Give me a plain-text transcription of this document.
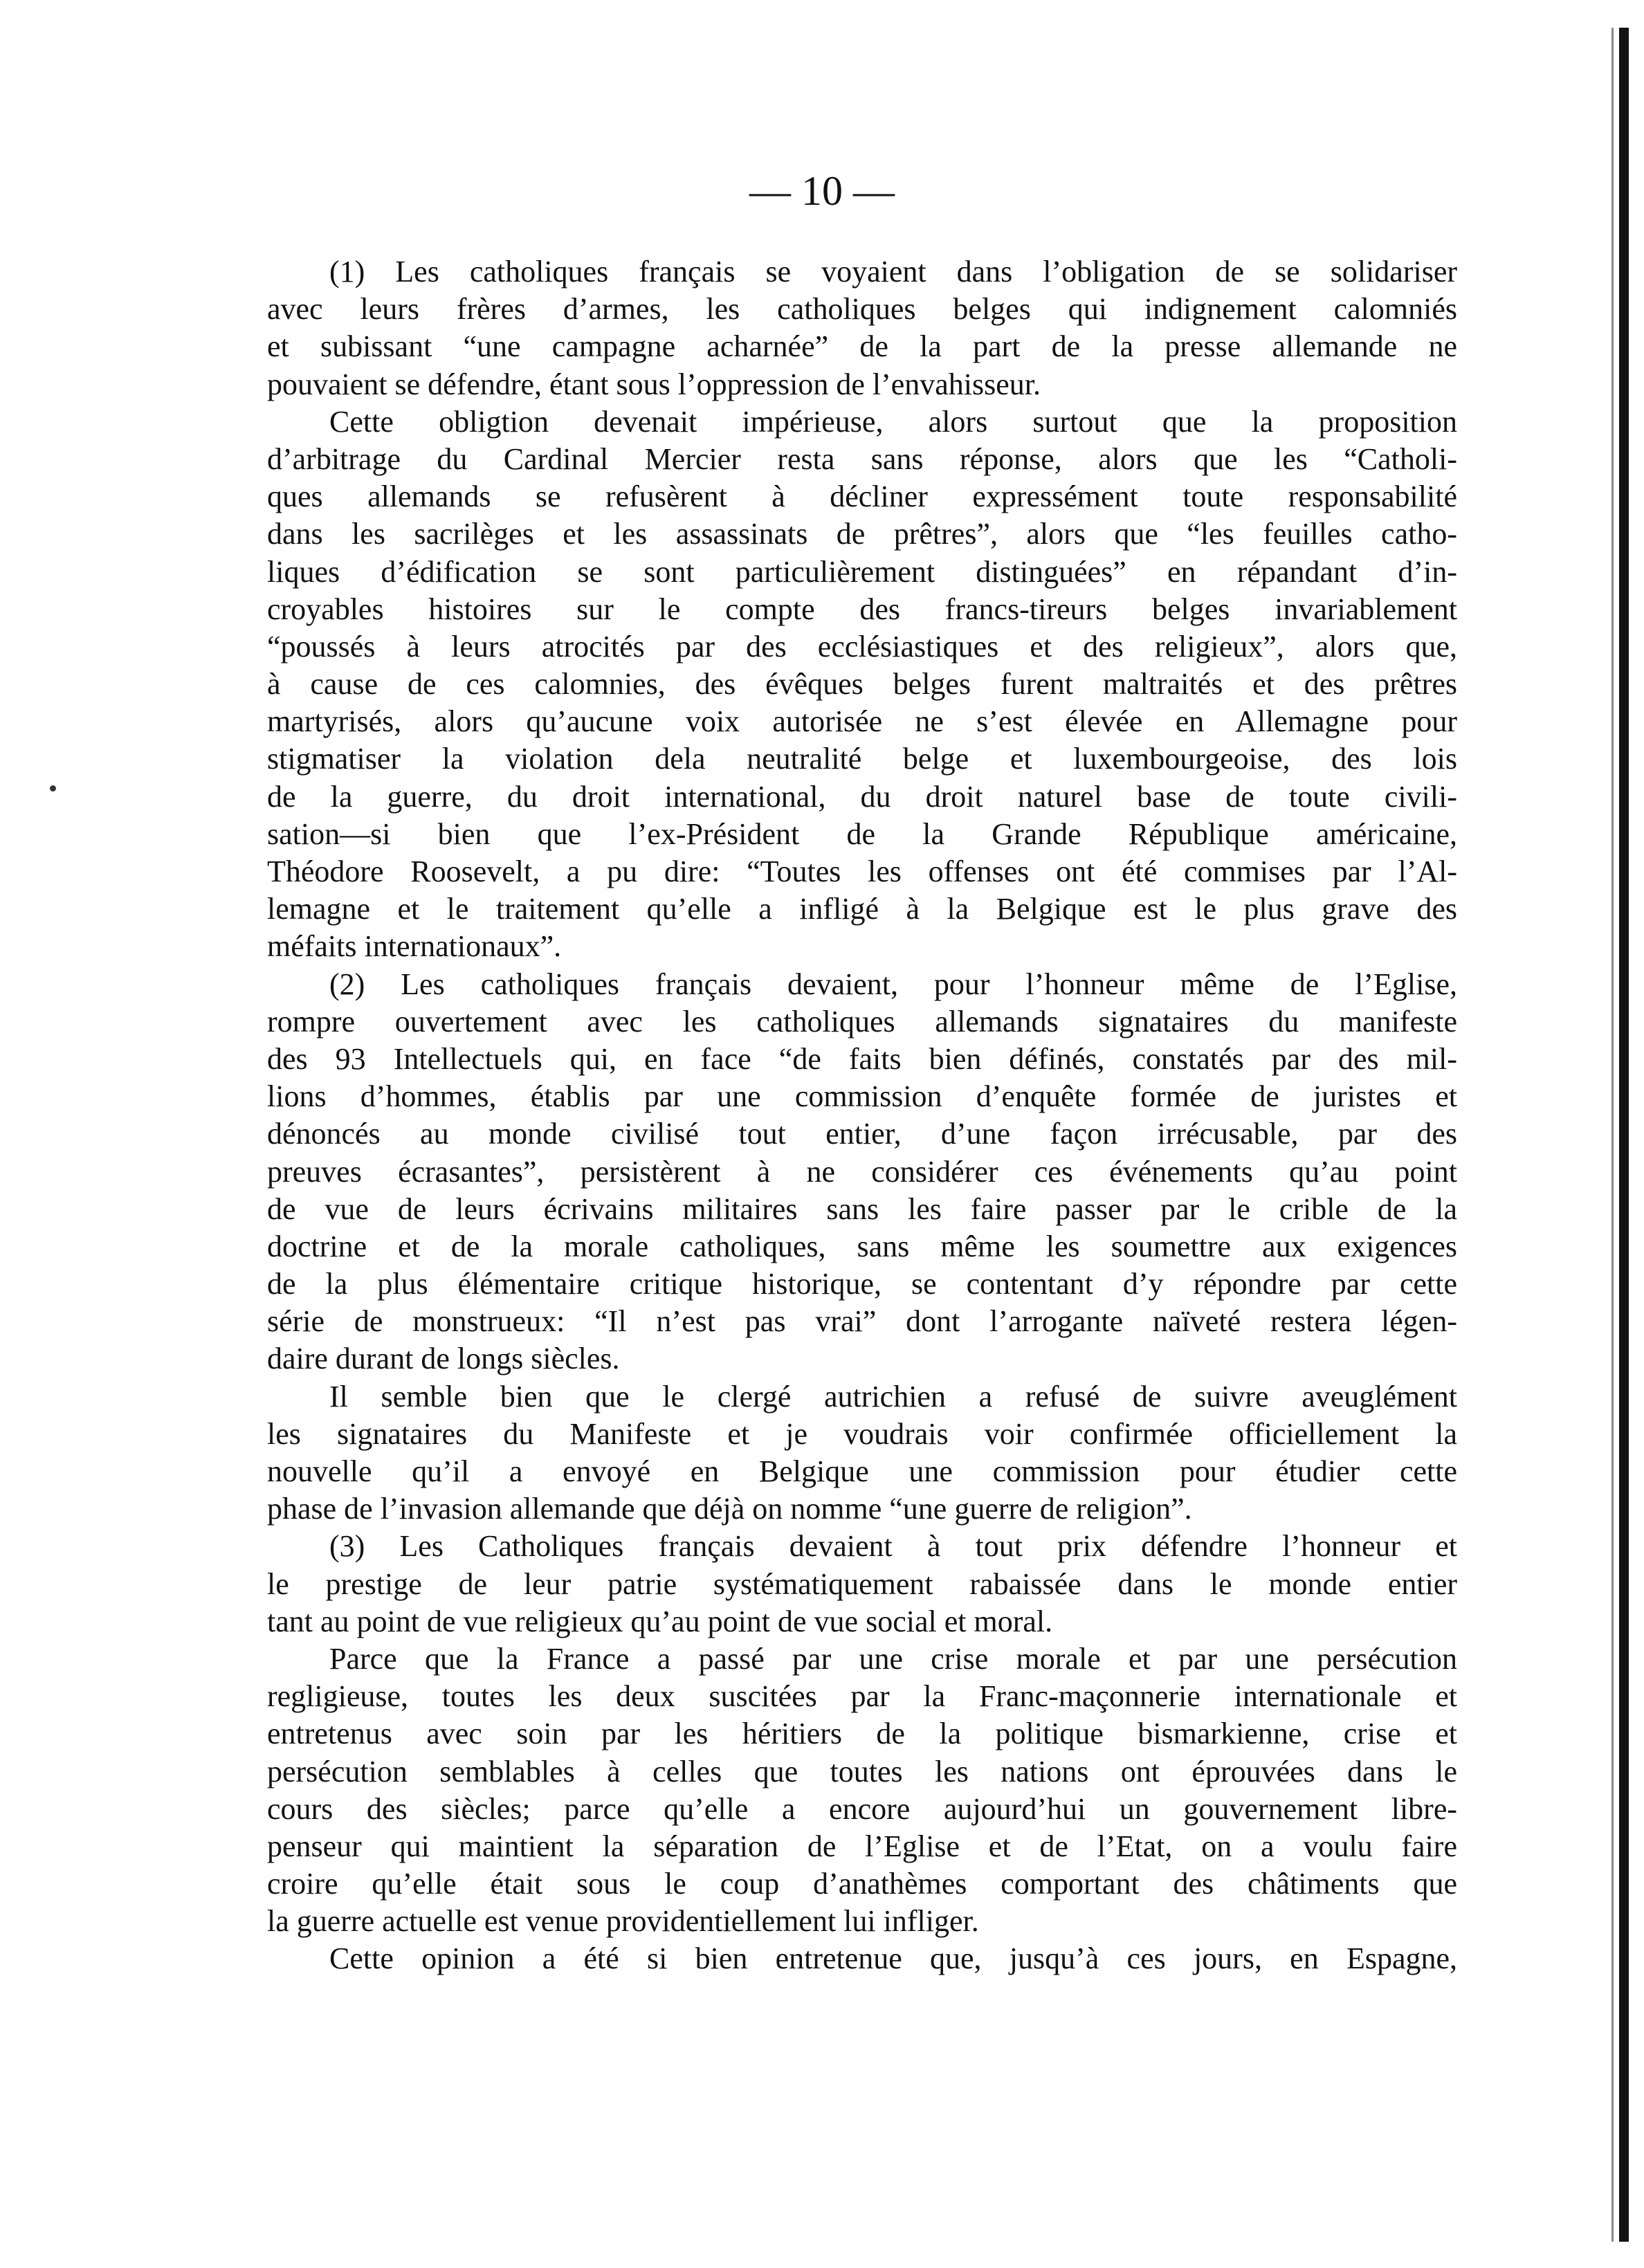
— 10 —
(1) Les catholiques français se voyaient dans l’obligation de se solidariser
avec leurs frères d’armes, les catholiques belges qui indignement calomniés
et subissant “une campagne acharnée” de la part de la presse allemande ne
pouvaient se défendre, étant sous l’oppression de l’envahisseur.
Cette obligtion devenait impérieuse, alors surtout que la proposition
d’arbitrage du Cardinal Mercier resta sans réponse, alors que les “Catholi-
ques allemands se refusèrent à décliner expressément toute responsabilité
dans les sacrilèges et les assassinats de prêtres”, alors que “les feuilles catho-
liques d’édification se sont particulièrement distinguées” en répandant d’in-
croyables histoires sur le compte des francs-tireurs belges invariablement
“poussés à leurs atrocités par des ecclésiastiques et des religieux”, alors que,
à cause de ces calomnies, des évêques belges furent maltraités et des prêtres
martyrisés, alors qu’aucune voix autorisée ne s’est élevée en Allemagne pour
stigmatiser la violation dela neutralité belge et luxembourgeoise, des lois
de la guerre, du droit international, du droit naturel base de toute civili-
sation—si bien que l’ex-Président de la Grande République américaine,
Théodore Roosevelt, a pu dire: “Toutes les offenses ont été commises par l’Al-
lemagne et le traitement qu’elle a infligé à la Belgique est le plus grave des
méfaits internationaux”.
(2) Les catholiques français devaient, pour l’honneur même de l’Eglise,
rompre ouvertement avec les catholiques allemands signataires du manifeste
des 93 Intellectuels qui, en face “de faits bien définés, constatés par des mil-
lions d’hommes, établis par une commission d’enquête formée de juristes et
dénoncés au monde civilisé tout entier, d’une façon irrécusable, par des
preuves écrasantes”, persistèrent à ne considérer ces événements qu’au point
de vue de leurs écrivains militaires sans les faire passer par le crible de la
doctrine et de la morale catholiques, sans même les soumettre aux exigences
de la plus élémentaire critique historique, se contentant d’y répondre par cette
série de monstrueux: “Il n’est pas vrai” dont l’arrogante naïveté restera légen-
daire durant de longs siècles.
Il semble bien que le clergé autrichien a refusé de suivre aveuglément
les signataires du Manifeste et je voudrais voir confirmée officiellement la
nouvelle qu’il a envoyé en Belgique une commission pour étudier cette
phase de l’invasion allemande que déjà on nomme “une guerre de religion”.
(3) Les Catholiques français devaient à tout prix défendre l’honneur et
le prestige de leur patrie systématiquement rabaissée dans le monde entier
tant au point de vue religieux qu’au point de vue social et moral.
Parce que la France a passé par une crise morale et par une persécution
regligieuse, toutes les deux suscitées par la Franc-maçonnerie internationale et
entretenus avec soin par les héritiers de la politique bismarkienne, crise et
persécution semblables à celles que toutes les nations ont éprouvées dans le
cours des siècles; parce qu’elle a encore aujourd’hui un gouvernement libre-
penseur qui maintient la séparation de l’Eglise et de l’Etat, on a voulu faire
croire qu’elle était sous le coup d’anathèmes comportant des châtiments que
la guerre actuelle est venue providentiellement lui infliger.
Cette opinion a été si bien entretenue que, jusqu’à ces jours, en Espagne,
